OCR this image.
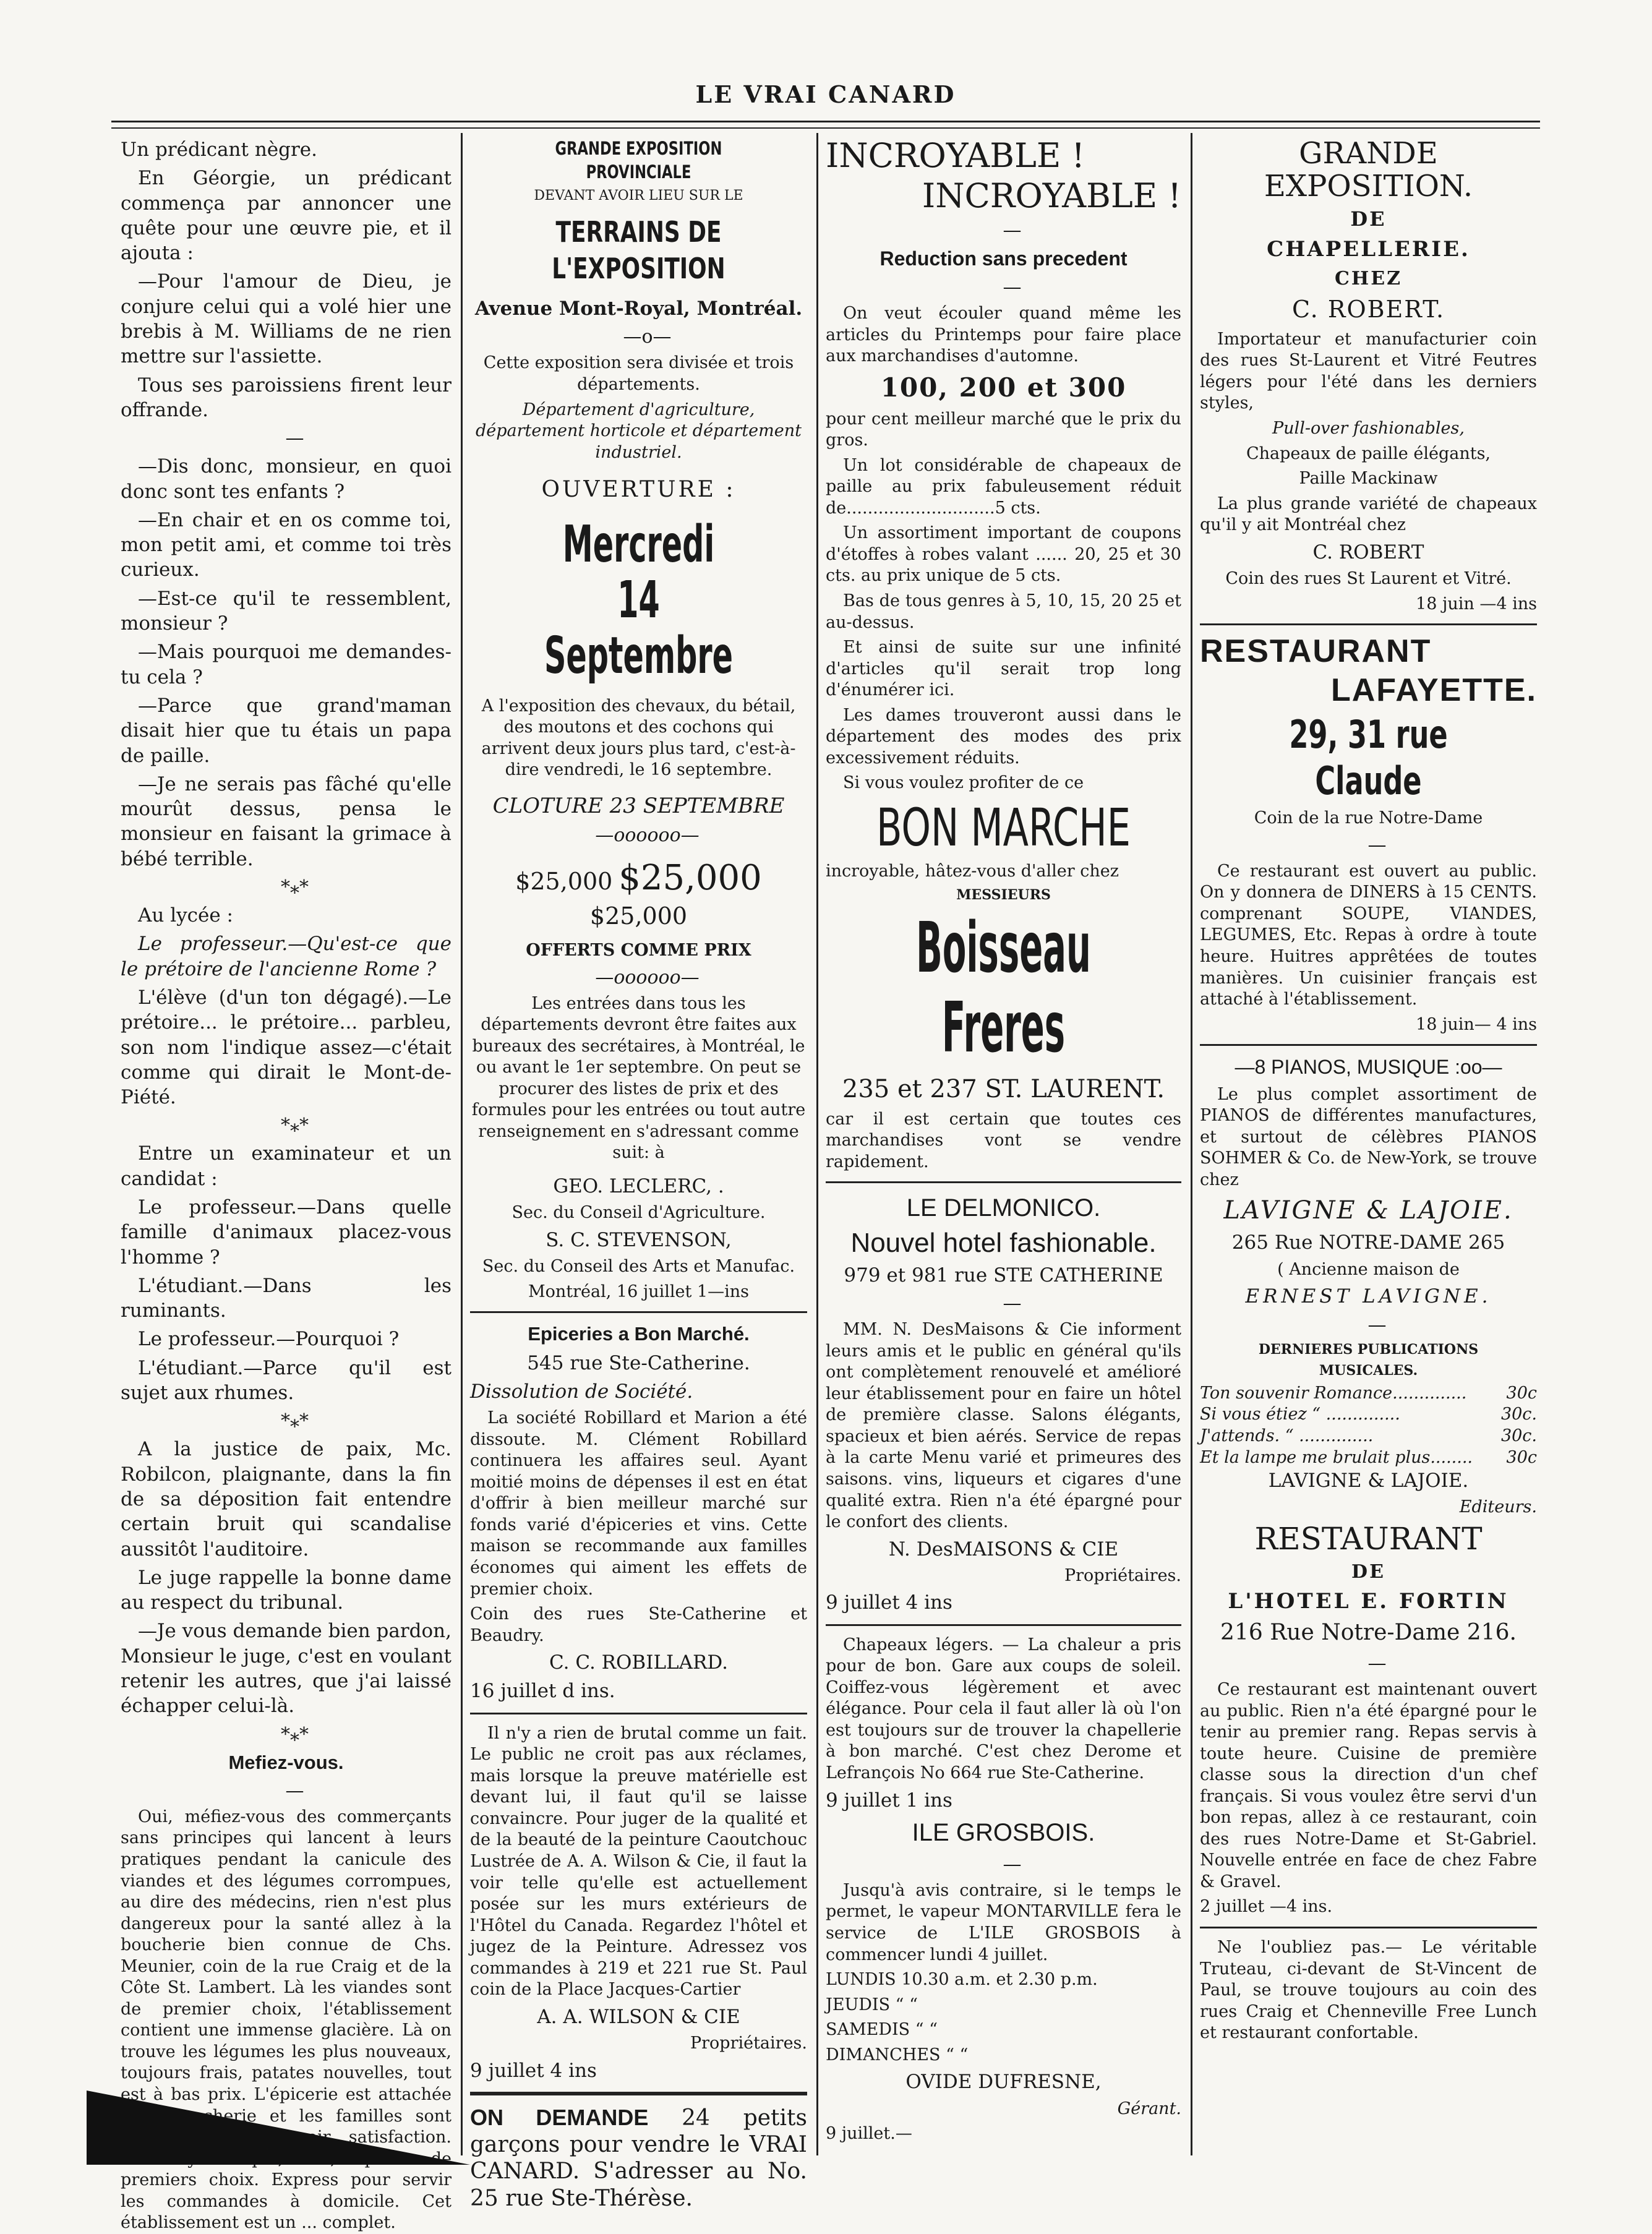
LE VRAI CANARD

Un prédicant nègre.

En Géorgie, un prédicant commença par annoncer une quête pour une œuvre pie, et il ajouta :

—Pour l'amour de Dieu, je conjure celui qui a volé hier une brebis à M. Williams de ne rien mettre sur l'assiette.

Tous ses paroissiens firent leur offrande.

—

—Dis donc, monsieur, en quoi donc sont tes enfants ?

—En chair et en os comme toi, mon petit ami, et comme toi très curieux.

—Est-ce qu'il te ressemblent, monsieur ?

—Mais pourquoi me demandes-tu cela ?

—Parce que grand'maman disait hier que tu étais un papa de paille.

—Je ne serais pas fâché qu'elle mourût dessus, pensa le monsieur en faisant la grimace à bébé terrible.

*⁎*

Au lycée :

Le professeur.—Qu'est-ce que le prétoire de l'ancienne Rome ?

L'élève (d'un ton dégagé).—Le prétoire... le prétoire... parbleu, son nom l'indique assez—c'était comme qui dirait le Mont-de-Piété.

*⁎*

Entre un examinateur et un candidat :

Le professeur.—Dans quelle famille d'animaux placez-vous l'homme ?

L'étudiant.—Dans les ruminants.

Le professeur.—Pourquoi ?

L'étudiant.—Parce qu'il est sujet aux rhumes.

*⁎*

A la justice de paix, Mc. Robilcon, plaignante, dans la fin de sa déposition fait entendre certain bruit qui scandalise aussitôt l'auditoire.

Le juge rappelle la bonne dame au respect du tribunal.

—Je vous demande bien pardon, Monsieur le juge, c'est en voulant retenir les autres, que j'ai laissé échapper celui-là.

*⁎*

Mefiez-vous.

—

Oui, méfiez-vous des commerçants sans principes qui lancent à leurs pratiques pendant la canicule des viandes et des légumes corrompues, au dire des médecins, rien n'est plus dangereux pour la santé allez à la boucherie bien connue de Chs. Meunier, coin de la rue Craig et de la Côte St. Lambert. Là les viandes sont de premier choix, l'établissement contient une immense glacière. Là on trouve les légumes les plus nouveaux, toujours frais, patates nouvelles, tout est à bas prix. L'épicerie est attachée à la boucherie et les familles sont toujours sûres d'avoir satisfaction. Rien n'y manque, vins, liqueurs de premiers choix. Express pour servir les commandes à domicile. Cet établissement est un ... complet.

GRANDE EXPOSITION PROVINCIALE

DEVANT AVOIR LIEU SUR LE

TERRAINS DE L'EXPOSITION

Avenue Mont-Royal, Montréal.

—o—

Cette exposition sera divisée et trois départements.

Département d'agriculture, département horticole et département industriel.

OUVERTURE :

Mercredi 14 Septembre

A l'exposition des chevaux, du bétail, des moutons et des cochons qui arrivent deux jours plus tard, c'est-à-dire vendredi, le 16 septembre.

CLOTURE 23 SEPTEMBRE

—oooooo—

$25,000 $25,000 $25,000

OFFERTS COMME PRIX

—oooooo—

Les entrées dans tous les départements devront être faites aux bureaux des secrétaires, à Montréal, le ou avant le 1er septembre. On peut se procurer des listes de prix et des formules pour les entrées ou tout autre renseignement en s'adressant comme suit: à

GEO. LECLERC, .

Sec. du Conseil d'Agriculture.

S. C. STEVENSON,

Sec. du Conseil des Arts et Manufac.

Montréal, 16 juillet 1—ins

Epiceries a Bon Marché.

545 rue Ste-Catherine.

Dissolution de Société.

La société Robillard et Marion a été dissoute. M. Clément Robillard continuera les affaires seul. Ayant moitié moins de dépenses il est en état d'offrir à bien meilleur marché sur fonds varié d'épiceries et vins. Cette maison se recommande aux familles économes qui aiment les effets de premier choix.

Coin des rues Ste-Catherine et Beaudry.

C. C. ROBILLARD.

16 juillet d ins.

Il n'y a rien de brutal comme un fait. Le public ne croit pas aux réclames, mais lorsque la preuve matérielle est devant lui, il faut qu'il se laisse convaincre. Pour juger de la qualité et de la beauté de la peinture Caoutchouc Lustrée de A. A. Wilson & Cie, il faut la voir telle qu'elle est actuellement posée sur les murs extérieurs de l'Hôtel du Canada. Regardez l'hôtel et jugez de la Peinture. Adressez vos commandes à 219 et 221 rue St. Paul coin de la Place Jacques-Cartier

A. A. WILSON & CIE

Propriétaires.

9 juillet 4 ins

ON DEMANDE 24 petits garçons pour vendre le VRAI CANARD. S'adresser au No. 25 rue Ste-Thérèse.

INCROYABLE !

INCROYABLE !

—

Reduction sans precedent

—

On veut écouler quand même les articles du Printemps pour faire place aux marchandises d'automne.

100, 200 et 300

pour cent meilleur marché que le prix du gros.

Un lot considérable de chapeaux de paille au prix fabuleusement réduit de............................5 cts.

Un assortiment important de coupons d'étoffes à robes valant ...... 20, 25 et 30 cts. au prix unique de 5 cts.

Bas de tous genres à 5, 10, 15, 20 25 et au-dessus.

Et ainsi de suite sur une infinité d'articles qu'il serait trop long d'énumérer ici.

Les dames trouveront aussi dans le département des modes des prix excessivement réduits.

Si vous voulez profiter de ce

BON MARCHE

incroyable, hâtez-vous d'aller chez

MESSIEURS

Boisseau Freres

235 et 237 ST. LAURENT.

car il est certain que toutes ces marchandises vont se vendre rapidement.

LE DELMONICO.

Nouvel hotel fashionable.

979 et 981 rue STE CATHERINE

—

MM. N. DesMaisons & Cie informent leurs amis et le public en général qu'ils ont complètement renouvelé et amélioré leur établissement pour en faire un hôtel de première classe. Salons élégants, spacieux et bien aérés. Service de repas à la carte Menu varié et primeures des saisons. vins, liqueurs et cigares d'une qualité extra. Rien n'a été épargné pour le confort des clients.

N. DesMAISONS & CIE

Propriétaires.

9 juillet 4 ins

Chapeaux légers. — La chaleur a pris pour de bon. Gare aux coups de soleil. Coiffez-vous légèrement et avec élégance. Pour cela il faut aller là où l'on est toujours sur de trouver la chapellerie à bon marché. C'est chez Derome et Lefrançois No 664 rue Ste-Catherine.

9 juillet 1 ins

ILE GROSBOIS.

—

Jusqu'à avis contraire, si le temps le permet, le vapeur MONTARVILLE fera le service de L'ILE GROSBOIS à commencer lundi 4 juillet.

LUNDIS 10.30 a.m. et 2.30 p.m.

JEUDIS “ “

SAMEDIS “ “

DIMANCHES “ “

OVIDE DUFRESNE,

Gérant.

9 juillet.—

GRANDE EXPOSITION.

DE

CHAPELLERIE.

CHEZ

C. ROBERT.

Importateur et manufacturier coin des rues St-Laurent et Vitré Feutres légers pour l'été dans les derniers styles,

Pull-over fashionables,

Chapeaux de paille élégants,

Paille Mackinaw

La plus grande variété de chapeaux qu'il y ait Montréal chez

C. ROBERT

Coin des rues St Laurent et Vitré.

18 juin —4 ins

RESTAURANT

LAFAYETTE.

29, 31 rue Claude

Coin de la rue Notre-Dame

—

Ce restaurant est ouvert au public. On y donnera de DINERS à 15 CENTS. comprenant SOUPE, VIANDES, LEGUMES, Etc. Repas à ordre à toute heure. Huitres apprêtées de toutes manières. Un cuisinier français est attaché à l'établissement.

18 juin— 4 ins

—8 PIANOS, MUSIQUE :oo—

Le plus complet assortiment de PIANOS de différentes manufactures, et surtout de célèbres PIANOS SOHMER & Co. de New-York, se trouve chez

LAVIGNE & LAJOIE.

265 Rue NOTRE-DAME 265

( Ancienne maison de

ERNEST LAVIGNE.

—

DERNIERES PUBLICATIONS

MUSICALES.

Ton souvenir Romance.............. 30c
Si vous étiez “ ..............	30c.
J'attends. “ ..............	30c.
Et la lampe me brulait plus........ 30c

LAVIGNE & LAJOIE.

Editeurs.

RESTAURANT

DE

L'HOTEL E. FORTIN

216 Rue Notre-Dame 216.

—

Ce restaurant est maintenant ouvert au public. Rien n'a été épargné pour le tenir au premier rang. Repas servis à toute heure. Cuisine de première classe sous la direction d'un chef français. Si vous voulez être servi d'un bon repas, allez à ce restaurant, coin des rues Notre-Dame et St-Gabriel. Nouvelle entrée en face de chez Fabre & Gravel.

2 juillet —4 ins.

Ne l'oubliez pas.— Le véritable Truteau, ci-devant de St-Vincent de Paul, se trouve toujours au coin des rues Craig et Chenneville Free Lunch et restaurant confortable.
